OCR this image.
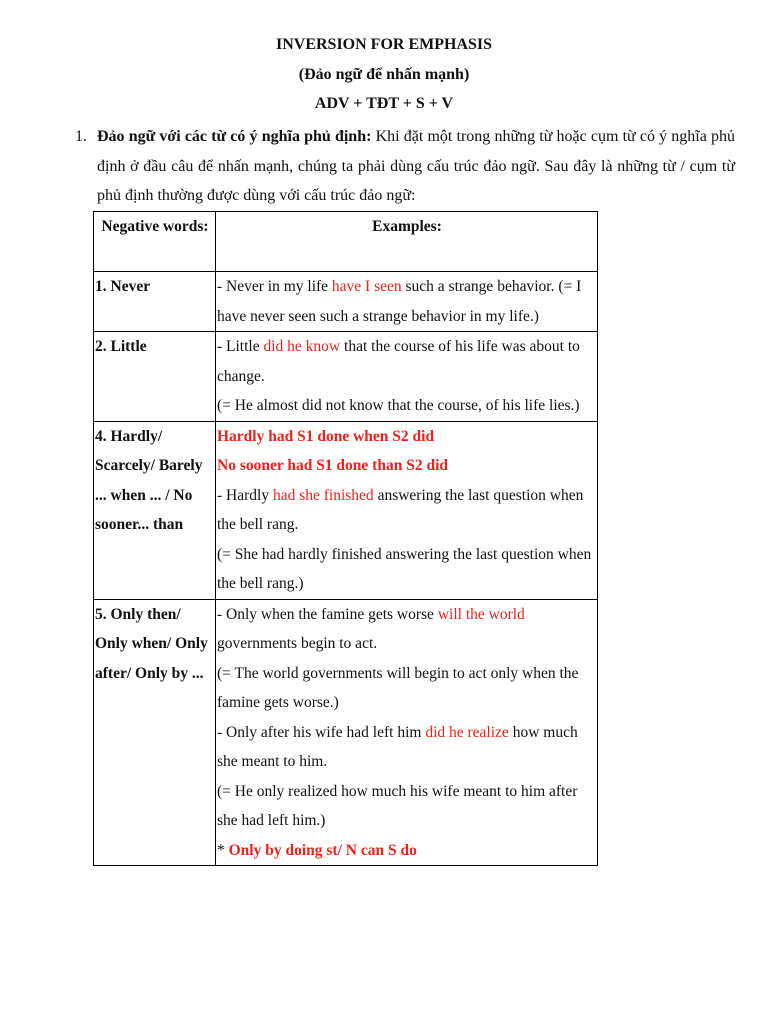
INVERSION FOR EMPHASIS
(Đảo ngữ để nhấn mạnh)
ADV + TĐT + S + V
1. Đảo ngữ với các từ có ý nghĩa phủ định: Khi đặt một trong những từ hoặc cụm từ có ý nghĩa phủ định ở đầu câu để nhấn mạnh, chúng ta phải dùng cấu trúc đảo ngữ. Sau đây là những từ / cụm từ phủ định thường được dùng với cấu trúc đảo ngữ:
Negative words:	Examples:
1. Never	- Never in my life have I seen such a strange behavior. (= I have never seen such a strange behavior in my life.)

2. Little	- Little did he know that the course of his life was about to change.
(= He almost did not know that the course, of his life lies.)

4. Hardly/ Scarcely/ Barely ... when ... / No sooner... than	Hardly had S1 done when S2 did
No sooner had S1 done than S2 did
- Hardly had she finished answering the last question when the bell rang.
(= She had hardly finished answering the last question when the bell rang.)

5. Only then/ Only when/ Only after/ Only by ...	- Only when the famine gets worse will the world governments begin to act.
(= The world governments will begin to act only when the famine gets worse.)
- Only after his wife had left him did he realize how much she meant to him.
(= He only realized how much his wife meant to him after she had left him.)
* Only by doing st/ N can S do
